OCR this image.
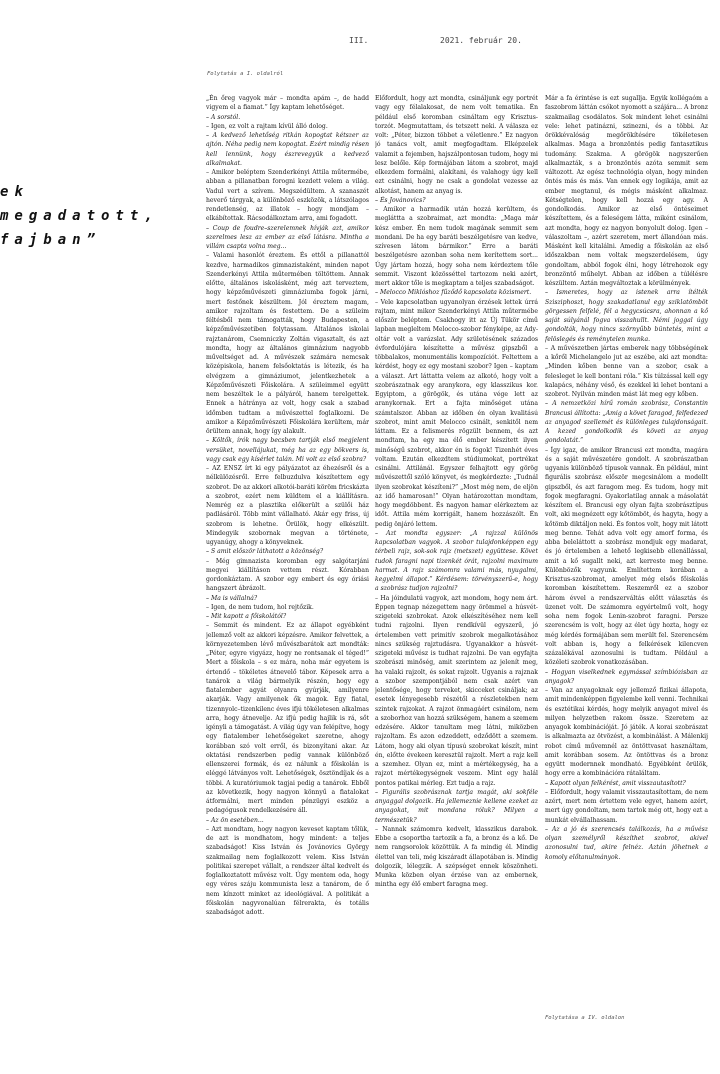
III.	2021. február 20.
ek megadatott,
fajban”
Folytatás a I. oldalról

„Én őreg vagyok már – mondta apám –, de hadd vigyem el a fiamat.” Így kaptam lehetőséget.

– A sorstól.

– Igen, ez volt a rajtam kívül álló dolog.

– A kedvező lehetőség ritkán kopogtat kétszer az ajtón. Néha pedig nem kopogtat. Ezért mindig résen kell lennünk, hogy észrevegyük a kedvező alkalmakat.

– Amikor beléptem Szenderkényi Attila műtermébe, abban a pillanatban forogni kezdett velem a világ. Vadul vert a szívem. Megszédültem. A szanaszét heverő tárgyak, a különböző eszközök, a látszólagos rendetlenség, az illatok – hogy mondjam – elkábítottak. Rácsodálkoztam arra, ami fogadott.

– Coup de foudre–szerelemnek hívják azt, amikor szerelmes lesz az ember az első látásra. Mintha a villám csapta volna meg...

– Valami hasonlót éreztem. És ettől a pillanattól kezdve, harmadikos gimnazistaként, minden napot Szenderkényi Attila műtermében töltöttem. Annak előtte, általános iskolásként, még azt terveztem, hogy képzőművészeti gimnáziumba fogok járni, mert festőnek készültem. Jól éreztem magam, amikor rajzoltam és festettem. De a szüleim féltésből nem támogatták, hogy Budapesten, a képzőművészetiben folytassam. Általános iskolai rajztanárom, Csemniczky Zoltán vigasztalt, és azt mondta, hogy az általános gimnázium nagyobb műveltséget ad. A művészek számára nemcsak középiskola, hanem felsőoktatás is létezik, és ha elvégzem a gimnáziumot, jelentkezhetek a Képzőművészeti Főiskolára. A szüleimmel együtt nem beszéltek le a pályáról, hanem terelgettek. Ennek a hátránya az volt, hogy csak a szabad időmben tudtam a művészettel foglalkozni. De amikor a Képzőművészeti Főiskolára kerültem, már örültem annak, hogy így alakult.

– Költők, írók nagy becsben tartják első megjelent versüket, novellájukat, még ha az egy bökvers is, vagy csak egy kísérlet talán. Mi volt az első szobra?

– AZ ENSZ írt ki egy pályázatot az éhezésről és a nélkülözésről. Erre felbuzdulva készítettem egy szobrot. De az akkori alkotói-baráti köröm fricskázta a szobrot, ezért nem küldtem el a kiállításra. Nemrég ez a plasztika előkerült a szülői ház padlásáról. Több mint vállalható. Akár egy friss, új szobrom is lehetne. Örülök, hogy elkészült. Mindegyik szobornak megvan a története, ugyanúgy, ahogy a könyveknek.

– S amit először láthatott a közönség?

– Még gimnazista koromban egy salgótarjáni megyei kiállításon vettem részt. Kórabban gordonkáztam. A szobor egy embert és egy óriási hangszert ábrázolt.

– Ma is vállalná?

– Igen, de nem tudom, hol rejtőzik.

– Mit kapott a főiskolától?

– Semmit és mindent. Ez az állapot egyébként jellemző volt az akkori képzésre. Amikor felvettek, a környezetemben lévő művészbarátok azt mondták: „Péter, egyre vigyázz, hogy ne rontsanak el téged!” Mert a főiskola – s ez mára, noha már egyetem is értendő – tökéletes átnevelő tábor. Képesek arra a tanárok a világ bármelyik részén, hogy egy fiatalember agyát olyanra gyúrják, amilyenre akarják. Vagy amilyenek ők magok. Egy fiatal, tizennyolc–tizenkilenc éves ifjú tökéletesen alkalmas arra, hogy átnevelje. Az ifjú pedig hajlik is rá, sőt igényli a támogatást. A világ úgy van felépítve, hogy egy fiatalember lehetőségeket szeretne, ahogy korábban szó volt erről, és bizonyítani akar. Az oktatási rendszerben pedig vannak különböző ellenszerei formák, és ez nálunk a főiskolán is eléggé látványos volt. Lehetőségek, ösztöndíjak és a többi. A kuratóriumok tagjai pedig a tanárok. Ebből az következik, hogy nagyon könnyű a fiatalokat átformálni, mert minden pénzügyi eszköz a pedagógusok rendelkezésére áll.

– Az ön esetében...

– Azt mondtam, hogy nagyon keveset kaptam tőlük, de azt is mondhatom, hogy mindent: a teljes szabadságot! Kiss István és Jovánovics György szakmailag nem foglalkozott velem. Kiss István politikai szerepet vállalt, a rendszer által kedvelt és foglalkoztatott művész volt. Úgy mentem oda, hogy egy véres száju kommunista lesz a tanárom, de ő nem kínzott minket az ideológiával. A politikát a főiskolán nagyvonalúan félrerakta, és totális szabadságot adott.

Előfordult, hogy azt mondta, csináljunk egy portrét vagy egy félalakosat, de nem volt tematika. Én például első koromban csináltam egy Krisztus-torzót. Megmutattam, és tetszett neki. A válasza ez volt: „Péter, bizzon többet a véletlenre.” Ez nagyon jó tanács volt, amit megfogadtam. Elképzelek valamit a fejemben, hajszálpontosan tudom, hogy mi lesz belőle. Kép formájában látom a szobrot, majd elkezdem formálni, alakítani, és valahogy úgy kell ezt csinálni, hogy ne csak a gondolat vezesse az alkotást, hanem az anyag is.

– És Jovánovics?

– Amikor a harmadik után hozzá kerültem, és megláttta a szobraimat, azt mondta: „Maga már kész ember. Én nem tudok magának semmit sem mondani. De ha egy baráti beszélgetésre van kedve, szívesen látom bármikor.” Erre a baráti beszélgetésre azonban soha nem kerítettem sort... Úgy jártam hozzá, hogy soha nem kérdeztem tőle semmit. Viszont közösséttel tartozom neki azért, mert akkor tőle is megkaptam a teljes szabadságot.

– Melocco Miklóshoz fűződő kapcsolata közismert.

– Vele kapcsolatban ugyanolyan érzések lettek úrrá rajtam, mint mikor Szenderkényi Attila műtermébe először beléptem. Csakhogy itt az Új Tükör című lapban megleltem Melocco-szobor fényképe, az Ady-oltár volt a varázslat. Ady születésének százados évfordulójára készítette a művész gipszből a többalakos, monumentális kompozíciót. Feltettem a kérdést, hogy ez egy mostani szobor? Igen – kaptam a választ. Art láttatta velem az alkotó, hogy volt a szobrászatnak egy aranykora, egy klasszikus kor. Egyiptom, a görögök, és utána vége lett az aranykornak. Ert a fajta minőséget utána számtalszor. Abban az időben én olyan kvalitású szobrot, mint amit Melocco csinált, senkitől nem láttam. Ez a felismerés rögzült bennem, és azt mondtam, ha egy ma élő ember készített ilyen minőségű szobrot, akkor én is fogok! Tizenhét éves voltam. Ezután elkezdtem stúdiumokat, portrékat csinálni. Attilánál. Egyszer felhajtott egy görög művészettől szóló könyvet, és megkérdezte: „Tudnál ilyen szobrokat készíteni?” „Most még nem, de eljön az idő hamarosan!” Olyan határozottan mondtam, hogy megdöbbent. És nagyon hamar elérkeztem az időt. Attila mém korrigált, hanem hozzászólt. Én pedig önjáró lettem.

– Azt mondta egyszer: „A rajzzal különös kapcsolatban vagyok. A szobor tulajdonképpen egy térbeli rajz, sok-sok rajz (metszet) együttese. Követ tudok faragni napi tizenkét órát, rajzolni maximum harmat. A rajz számomra valami más, nyugalmi, kegyelmi állapot.” Kérdésem: törvényszerű-e, hogy a szobrász tudjon rajzolni?

– Ha jóindulatú vagyok, azt mondom, hogy nem árt. Éppen tegnap nézegettem nagy örömmel a húsvét-szigeteki szobrokat. Azok elkészítéséhez nem kell tudni rajzolni. Ilyen rendkívül egyszerű, jó értelemben vett primitív szobrok megalkotásához nincs szükség rajztudásra. Ugyanakkor a húsvét-szigeteki művész is tudhat rajzolni. De van egyfajta szobrászi minőség, amit szerintem az jelenít meg, ha valaki rajzolt, és sokat rajzolt. Ugyanis a rajznak a szobor szempontjából nem csak azért van jelentősége, hogy terveket, skicceket csináljak; az esetek lényegesebb részétől a részletekben nem szintek rajzokat. A rajzot önmagáért csinálom, nem a szoborhoz van hozzá szükségem, hanem a szemem edzésére. Akkor tanultam meg látni, miközben rajzoltam. És azon edzeddett, edződött a szemem. Látom, hogy aki olyan típusú szobrokat készít, mint én, előtte évekeen keresztül rajzolt. Mert a rajz kell a szemhez. Olyan ez, mint a mértékegység, ha a rajzot mértékegységnek veszem. Mint egy halál pontos patikai mérleg. Ezt tudja a rajz.

– Figurális szobrásznak tartja magát, aki sokféle anyaggal dolgozik. Ha jellemeznie kellene ezeket az anyagokat, mit mondana róluk? Milyen a természetük?

– Nannak számomra kedvelt, klasszikus darabok. Ebbe a csoportba tartozik a fa, a bronz és a kő. De nem rangsorolok közöttük. A fa mindig él. Mindig élettel van teli, még kiszáradt állapotában is. Mindig dolgozik, lélegzik. A szépséget ennek köszönheti. Munka közben olyan érzése van az embernek, mintha egy élő embert faragna meg.

Már a fa érintése is ezt sugallja. Egyik kollégaóm a faszobrom láttán csókot nyomott a szájára... A bronz szakmailag csodálatos. Sok mindent lehet csinálni vele: lehet patinázni, szinezni, és a többi. Az örökkévalóság megőrökítésére tökéletesen alkalmas. Maga a bronzöntés pedig fantasztikus tudomány. Szakma. A görögök nagyszerűen alkalmazták, s a bronzöntés azóta semmit sem változott. Az egész technológia olyan, hogy minden öntés más és más. Van ennek egy logikája, amit az ember megtanul, és mégis másként alkalmaz. Kétségtelen, hogy kell hozzá egy agy. A gondolkodás. Amikor az első öntéseimet készítettem, és a feleségem látta, miként csinálom, azt mondta, hogy ez nagyon bonyolult dolog. Igen – válaszoltam –, azért szeretem, mert állandóan más. Másként kell kitalálni. Amedig a főiskolán az első időszakban nem voltak megszerdelésem, úgy gondoltam, abból fogok élni, hogy létrehozok egy bronzöntő műhelyt. Abban az időben a túlélésre készültem. Aztán megváltoztak a körülmények.

– Ismeretes, hogy az istenek arra ítélték Szisziphoszt, hogy szakadatlanul egy sziklatömböt görgessen felfelé, fél a hegycsúcsra, ahonnan a kő saját súlyánál fogva visszahullt. Némi joggal úgy gondolták, hogy nincs szörnyűbb büntetés, mint a felöslegés és reménytelen munka.

– A művészetben jártas emberek nagy többségének a kőről Michelangelo jut az eszébe, aki azt mondta: „Minden kőben benne van a szobor, csak a felesleget le kell bontani róla.” Kis túlzással kell egy kalapács, néhány véső, és ezekkel ki lehet bontani a szobrot. Nyilván minden mást lát meg egy kőben.

– A nemzetközi hírű román szobrász, Constantin Brancusi állította: „Amig a követ faragod, felfedezed az anyagod szellemét és különleges tulajdonságait. A kezed gondolkodik és követi az anyag gondolatát.”

– Így igaz, de amikor Brancusi ezt mondta, magára és a saját művészetére gondolt. A szobrászatban ugyanis különböző típusok vannak. Én például, mint figurális szobrász először megcsinálom a modellt gipszből, és azt faragom meg. És tudom, hogy mit fogok megfaragni. Gyakorlatilag annak a másolatát készítem el. Brancusi egy olyan fajta szobrásztípus volt, aki megnézett egy kőtömböt, és hagyta, hogy a kőtömb diktáljon neki. És fontos volt, hogy mit látott meg benne. Tehát adva volt egy amorf forma, és abba beleláttott a szobrász mondjuk egy madarat, és jó értelemben a lehető legkisebb ellenállással, amit a kő sugallt neki, azt kerreste meg benne. Különbözők vagyunk. Említettem korában a Krisztus-szobromat, amelyet még elsős főiskolás koromban készítettem. Reszemről ez a szobor három évvel a rendszerváltás előtt választás és üzenet volt. De számomra egyértelmű volt, hogy soha nem fogok Lenin-szobrot faragni. Persze szerencsém is volt, hogy az élet úgy hozta, hogy ez még kérdés formájában sem merült fel. Szerencsém volt abban is, hogy a felkérések kilencven százalékával azonosulni is tudtam. Például a közéleti szobrok vonatkozásában.

– Hogyan viselkednek egymással szímbiózisban az anyagok?

– Van az anyagoknak egy jellemző fizikai állapota, amit mindenképpen figyelembe kell venni. Technikai és esztétikai kérdés, hogy melyik anyagot mivel és milyen helyzetben rakom össze. Szeretem az anyagok kombinációját. Jó játék. A korai szobrászat is alkalmazta az ötvözést, a kombinálást. A Málenkij robot című művemnél az öntöttvasat használtam, amit korábban sosem. Az öntöttvas és a bronz együtt modernnek mondható. Egyébként örülök, hogy erre a kombinációra rátaláltam.

– Kapott olyan felkérést, amit visszautasított?

– Előfordult, hogy valamit visszautasítottam, de nem azért, mert nem értettem vele egyet, hanem azért, mert úgy gondoltam, nem tartok még ott, hogy ezt a munkát elvállalhassam.

– Az a jó és szerencsés találkozás, ha a művész olyan személyről készíthet szobrot, akivel azonosulni tud, akire felnéz. Aztán jöhetnek a komoly előtanulmányok.

Folytatása a IV. oldalon
